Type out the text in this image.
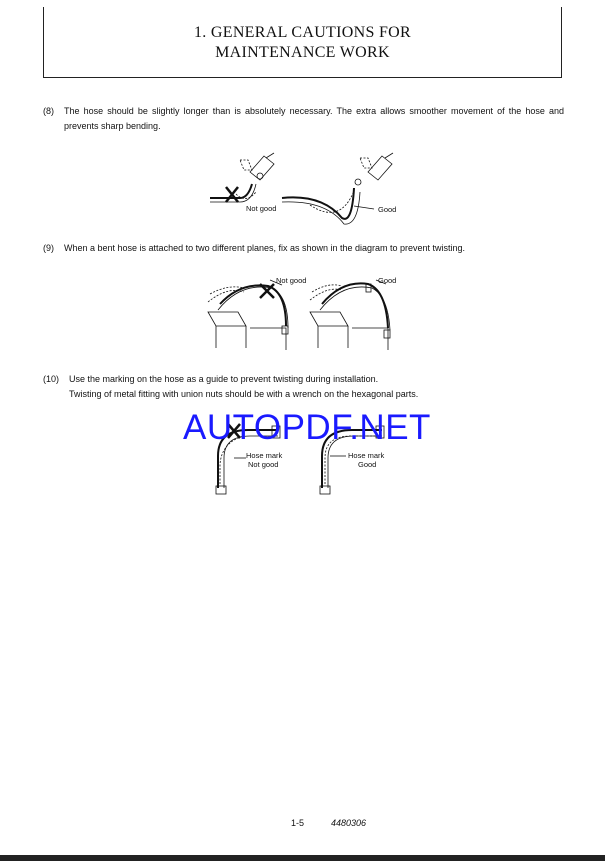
1. GENERAL CAUTIONS FOR
MAINTENANCE WORK
(8) The hose should be slightly longer than is absolutely necessary. The extra allows smoother movement of the hose and prevents sharp bending.
Not good	Good
(9) When a bent hose is attached to two different planes, fix as shown in the diagram to prevent twisting.
Not good	Good
(10) Use the marking on the hose as a guide to prevent twisting during installation.
Twisting of metal fitting with union nuts should be with a wrench on the hexagonal parts.
Hose mark
Not good
Hose mark
Good
AUTOPDF.NET
1-5	4480306
